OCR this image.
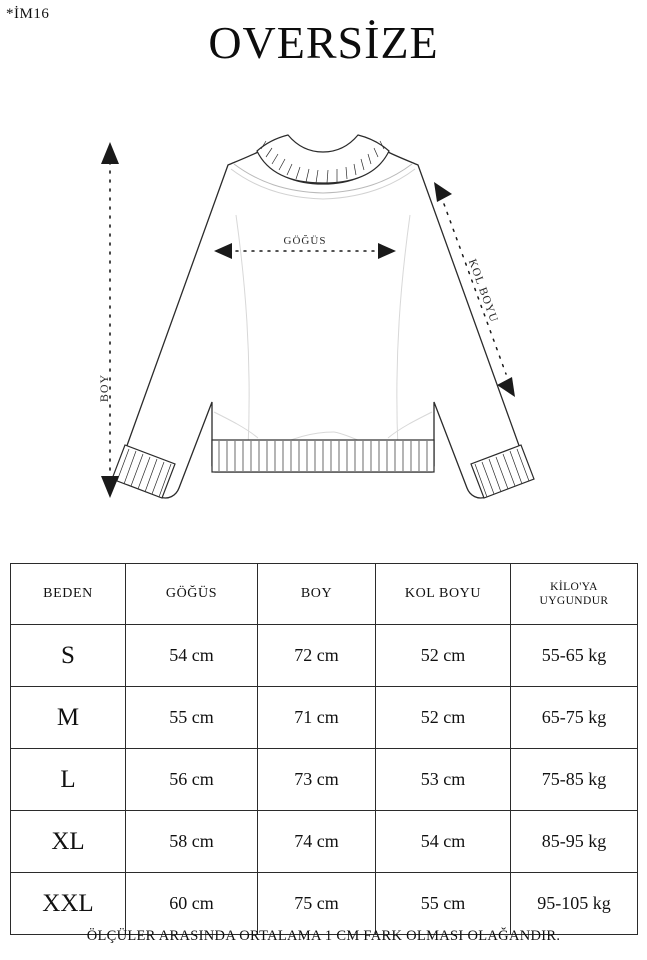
*İM16
OVERSİZE
BOY
GÖĞÜS
KOL BOYU
BEDEN	GÖĞÜS	BOY	KOL BOYU	KİLO'YA
UYGUNDUR
S	54 cm	72 cm	52 cm	55-65 kg
M	55 cm	71 cm	52 cm	65-75 kg
L	56 cm	73 cm	53 cm	75-85 kg
XL	58 cm	74 cm	54 cm	85-95 kg
XXL	60 cm	75 cm	55 cm	95-105 kg
ÖLÇÜLER ARASINDA ORTALAMA 1 CM FARK OLMASI OLAĞANDIR.
